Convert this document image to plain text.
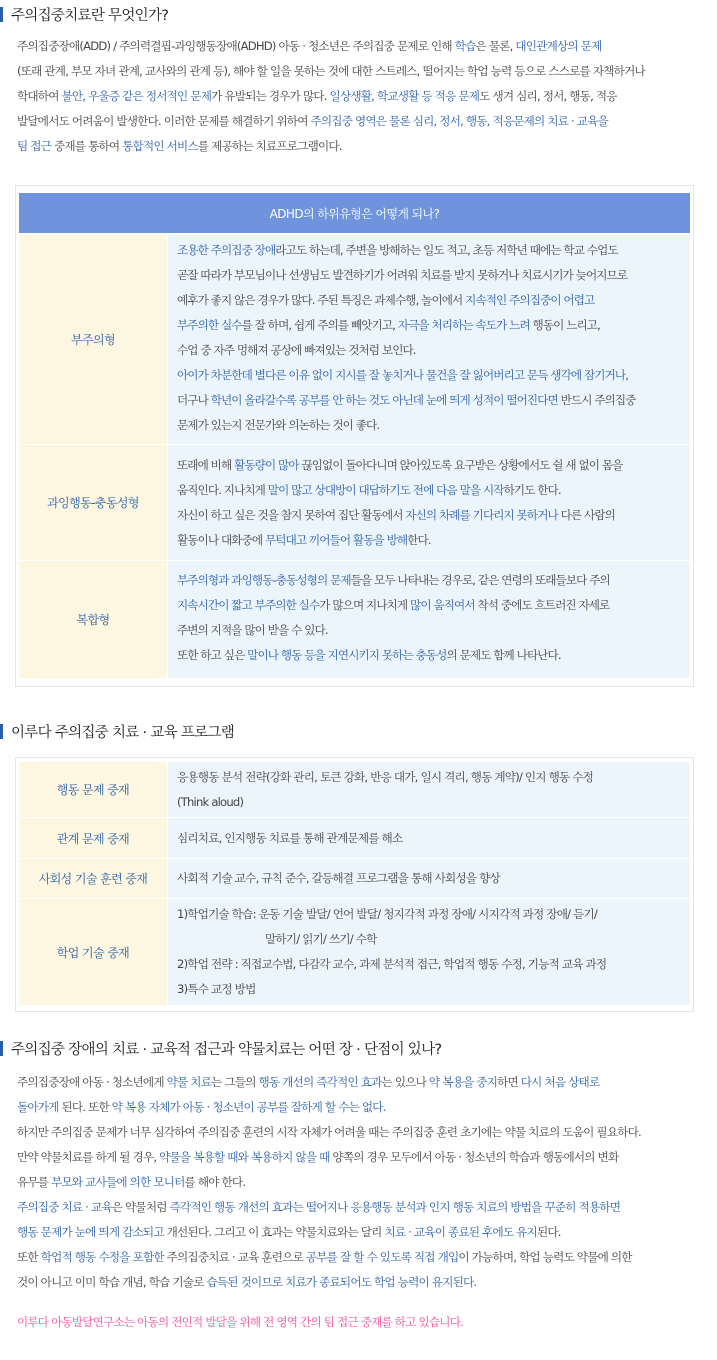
주의집중치료란 무엇인가?
주의집중장애(ADD) / 주의력결핍-과잉행동장애(ADHD) 아동 · 청소년은 주의집중 문제로 인해 학습은 물론, 대인관계상의 문제
(또래 관계, 부모 자녀 관계, 교사와의 관계 등), 해야 할 일을 못하는 것에 대한 스트레스, 떨어지는 학업 능력 등으로 스스로를 자책하거나
학대하여 불안, 우울증 같은 정서적인 문제가 유발되는 경우가 많다. 일상생활, 학교생활 등 적응 문제도 생겨 심리, 정서, 행동, 적응
발달에서도 어려움이 발생한다. 이러한 문제를 해결하기 위하여 주의집중 영역은 물론 심리, 정서, 행동, 적응문제의 치료 · 교육을
팀 접근 중재를 통하여 통합적인 서비스를 제공하는 치료프로그램이다.
ADHD의 하위유형은 어떻게 되나?
부주의형
조용한 주의집중 장애라고도 하는데, 주변을 방해하는 일도 적고, 초등 저학년 때에는 학교 수업도
곧잘 따라가 부모님이나 선생님도 발견하기가 어려워 치료를 받지 못하거나 치료시기가 늦어지므로
예후가 좋지 않은 경우가 많다. 주된 특징은 과제수행, 놀이에서 지속적인 주의집중이 어렵고
부주의한 실수를 잘 하며, 쉽게 주의를 빼앗기고, 자극을 처리하는 속도가 느려 행동이 느리고,
수업 중 자주 멍해져 공상에 빠져있는 것처럼 보인다.
아이가 차분한데 별다른 이유 없이 지시를 잘 놓치거나 물건을 잘 잃어버리고 문득 생각에 잠기거나,
더구나 학년이 올라갈수록 공부를 안 하는 것도 아닌데 눈에 띄게 성적이 떨어진다면 반드시 주의집중
문제가 있는지 전문가와 의논하는 것이 좋다.
과잉행동-충동성형
또래에 비해 활동량이 많아 끊임없이 돌아다니며 앉아있도록 요구받은 상황에서도 쉴 새 없이 몸을
움직인다. 지나치게 말이 많고 상대방이 대답하기도 전에 다음 말을 시작하기도 한다.
자신이 하고 싶은 것을 참지 못하여 집단 활동에서 자신의 차례를 기다리지 못하거나 다른 사람의
활동이나 대화중에 무턱대고 끼어들어 활동을 방해한다.
복합형
부주의형과 과잉행동-충동성형의 문제들을 모두 나타내는 경우로, 같은 연령의 또래들보다 주의
지속시간이 짧고 부주의한 실수가 많으며 지나치게 많이 움직여서 착석 중에도 흐트러진 자세로
주변의 지적을 많이 받을 수 있다.
또한 하고 싶은 말이나 행동 등을 지연시키지 못하는 충동성의 문제도 함께 나타난다.
이루다 주의집중 치료 · 교육 프로그램
행동 문제 중재
응용행동 분석 전략(강화 관리, 토큰 강화, 반응 대가, 일시 격리, 행동 계약)/ 인지 행동 수정
(Think aloud)
관계 문제 중재	심리치료, 인지행동 치료를 통해 관계문제를 해소
사회성 기술 훈련 중재	사회적 기술 교수, 규칙 준수, 갈등해결 프로그램을 통해 사회성을 향상
학업 기술 중재
1)학업기술 학습: 운동 기술 발달/ 언어 발달/ 청지각적 과정 장애/ 시지각적 과정 장애/ 듣기/
말하기/ 읽기/ 쓰기/ 수학
2)학업 전략 : 직접교수법, 다감각 교수, 과제 분석적 접근, 학업적 행동 수정, 기능적 교육 과정
3)특수 교정 방법
주의집중 장애의 치료 · 교육적 접근과 약물치료는 어떤 장 · 단점이 있나?
주의집중장애 아동 · 청소년에게 약물 치료는 그들의 행동 개선의 즉각적인 효과는 있으나 약 복용을 중지하면 다시 처음 상태로
돌아가게 된다. 또한 약 복용 자체가 아동 · 청소년이 공부를 잘하게 할 수는 없다.
하지만 주의집중 문제가 너무 심각하여 주의집중 훈련의 시작 자체가 어려울 때는 주의집중 훈련 초기에는 약물 치료의 도움이 필요하다.
만약 약물치료를 하게 될 경우, 약물을 복용할 때와 복용하지 않을 때 양쪽의 경우 모두에서 아동 · 청소년의 학습과 행동에서의 변화
유무를 부모와 교사들에 의한 모니터를 해야 한다.
주의집중 치료 · 교육은 약물처럼 즉각적인 행동 개선의 효과는 떨어지나 응용행동 분석과 인지 행동 치료의 방법을 꾸준히 적용하면
행동 문제가 눈에 띄게 감소되고 개선된다. 그리고 이 효과는 약물치료와는 달리 치료 · 교육이 종료된 후에도 유지된다.
또한 학업적 행동 수정을 포함한 주의집중치료 · 교육 훈련으로 공부를 잘 할 수 있도록 직접 개입이 가능하며, 학업 능력도 약물에 의한
것이 아니고 이미 학습 개념, 학습 기술로 습득된 것이므로 치료가 종료되어도 학업 능력이 유지된다.
이루다 아동발달연구소는 아동의 전인적 발달을 위해 전 영역 간의 팀 접근 중재를 하고 있습니다.
